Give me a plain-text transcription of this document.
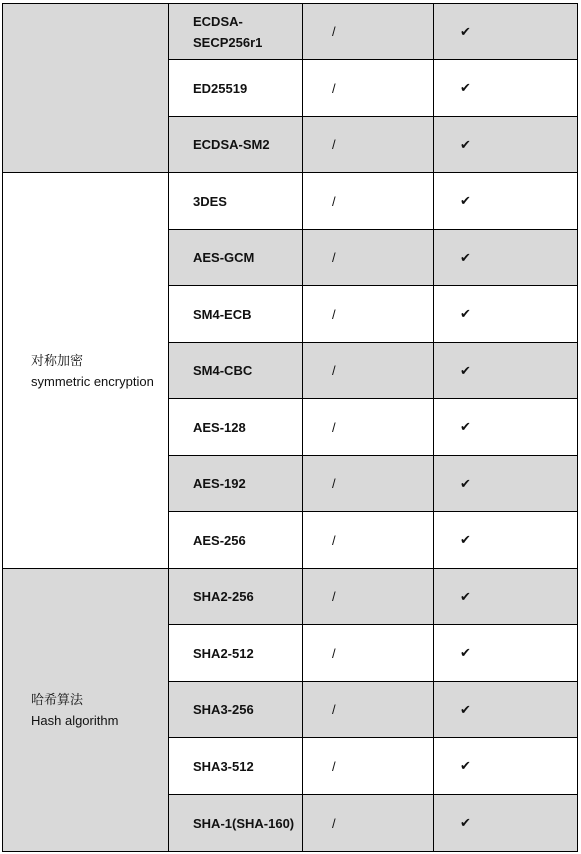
	ECDSA-
SECP256r1	/	✔
	ED25519	/	✔
	ECDSA-SM2	/	✔

对称加密
symmetric encryption	3DES	/	✔
	AES-GCM	/	✔
	SM4-ECB	/	✔
	SM4-CBC	/	✔
	AES-128	/	✔
	AES-192	/	✔
	AES-256	/	✔

哈希算法
Hash algorithm	SHA2-256	/	✔
	SHA2-512	/	✔
	SHA3-256	/	✔
	SHA3-512	/	✔
	SHA-1(SHA-160)	/	✔
